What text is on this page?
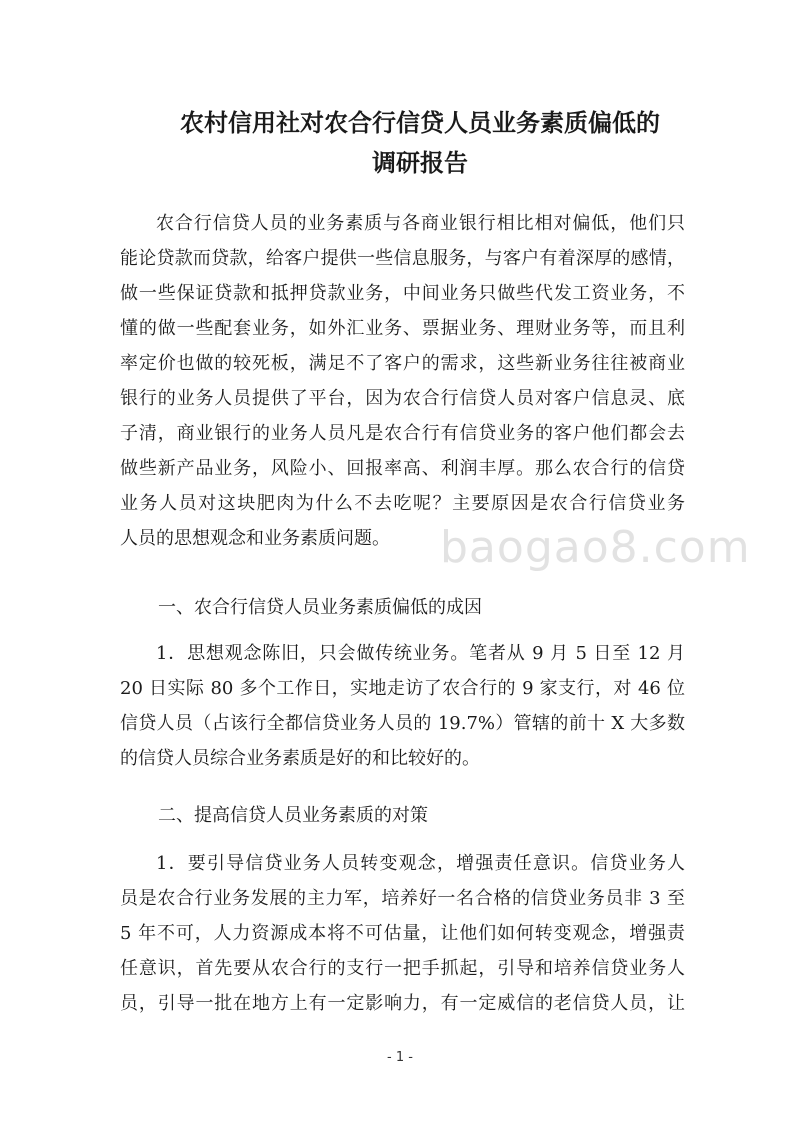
农村信用社对农合行信贷人员业务素质偏低的
调研报告
农合行信贷人员的业务素质与各商业银行相比相对偏低，他们只
能论贷款而贷款，给客户提供一些信息服务，与客户有着深厚的感情，
做一些保证贷款和抵押贷款业务，中间业务只做些代发工资业务，不
懂的做一些配套业务，如外汇业务、票据业务、理财业务等，而且利
率定价也做的较死板，满足不了客户的需求，这些新业务往往被商业
银行的业务人员提供了平台，因为农合行信贷人员对客户信息灵、底
子清，商业银行的业务人员凡是农合行有信贷业务的客户他们都会去
做些新产品业务，风险小、回报率高、利润丰厚。那么农合行的信贷
业务人员对这块肥肉为什么不去吃呢？主要原因是农合行信贷业务
人员的思想观念和业务素质问题。
一、农合行信贷人员业务素质偏低的成因
1．思想观念陈旧，只会做传统业务。笔者从 9 月 5 日至 12 月
20 日实际 80 多个工作日，实地走访了农合行的 9 家支行，对 46 位
信贷人员（占该行全都信贷业务人员的 19.7%）管辖的前十 X 大多数
的信贷人员综合业务素质是好的和比较好的。
二、提高信贷人员业务素质的对策
1．要引导信贷业务人员转变观念，增强责任意识。信贷业务人
员是农合行业务发展的主力军，培养好一名合格的信贷业务员非 3 至
5 年不可，人力资源成本将不可估量，让他们如何转变观念，增强责
任意识，首先要从农合行的支行一把手抓起，引导和培养信贷业务人
员，引导一批在地方上有一定影响力，有一定威信的老信贷人员，让
baogao8.com
- 1 -
